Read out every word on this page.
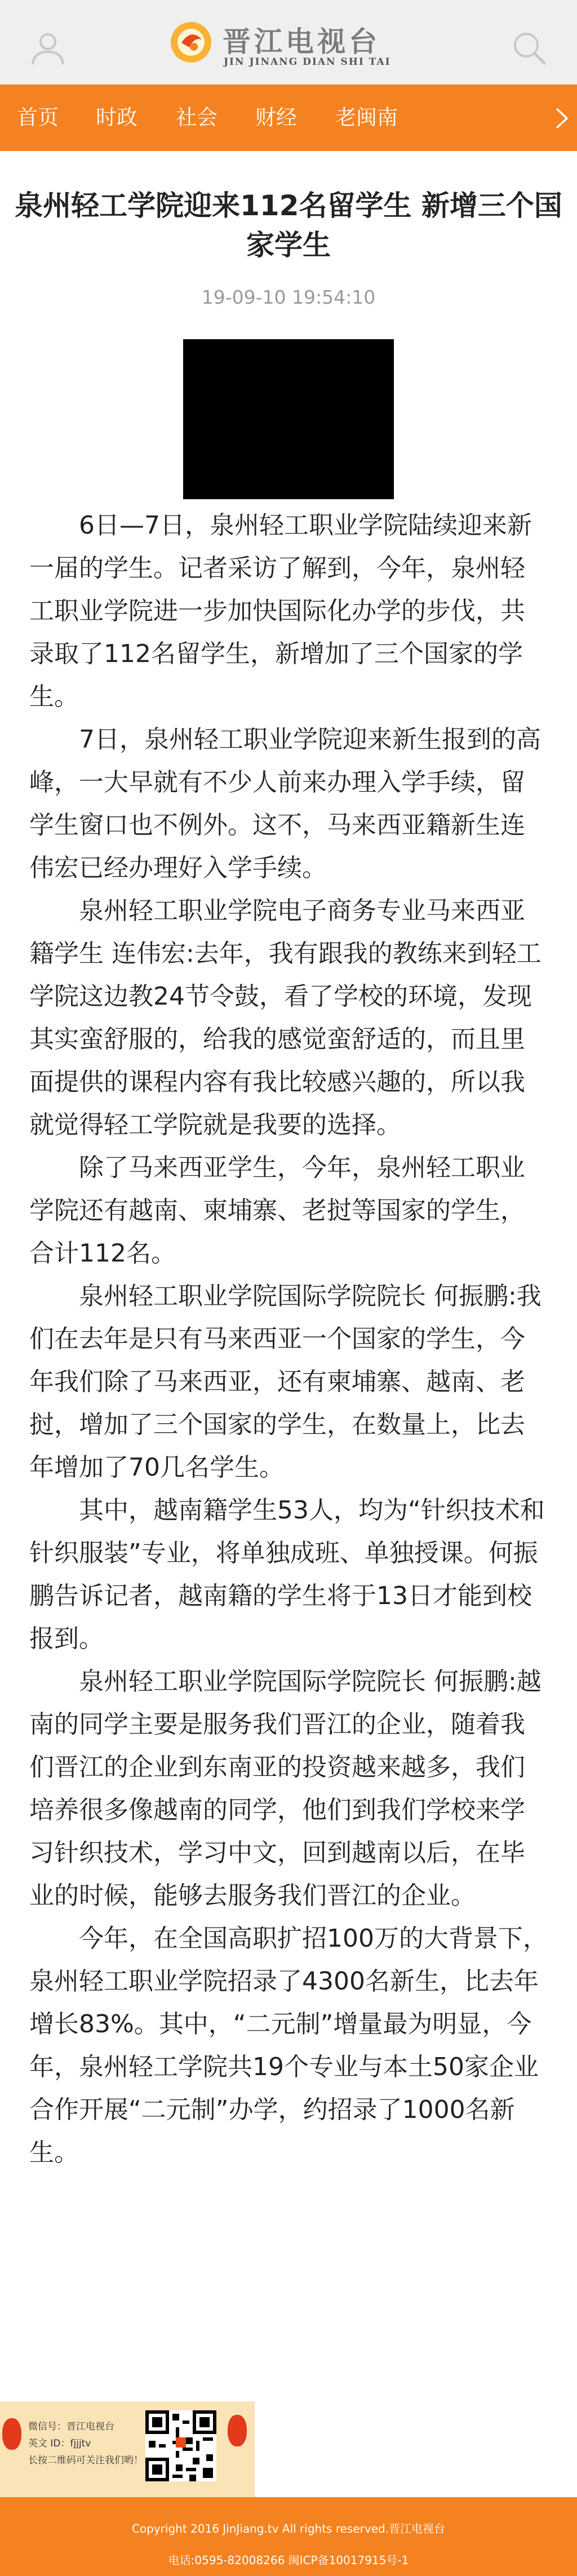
晋江电视台
JIN JINANG DIAN SHI TAI
首页 时政 社会 财经 老闽南
泉州轻工学院迎来112名留学生 新增三个国家学生
19-09-10 19:54:10

6日—7日，泉州轻工职业学院陆续迎来新一届的学生。记者采访了解到，今年，泉州轻工职业学院进一步加快国际化办学的步伐，共录取了112名留学生，新增加了三个国家的学生。

7日，泉州轻工职业学院迎来新生报到的高峰，一大早就有不少人前来办理入学手续，留学生窗口也不例外。这不，马来西亚籍新生连伟宏已经办理好入学手续。

泉州轻工职业学院电子商务专业马来西亚籍学生 连伟宏:去年，我有跟我的教练来到轻工学院这边教24节令鼓，看了学校的环境，发现其实蛮舒服的，给我的感觉蛮舒适的，而且里面提供的课程内容有我比较感兴趣的，所以我就觉得轻工学院就是我要的选择。

除了马来西亚学生，今年，泉州轻工职业学院还有越南、柬埔寨、老挝等国家的学生，合计112名。

泉州轻工职业学院国际学院院长 何振鹏:我们在去年是只有马来西亚一个国家的学生，今年我们除了马来西亚，还有柬埔寨、越南、老挝，增加了三个国家的学生，在数量上，比去年增加了70几名学生。

其中，越南籍学生53人，均为“针织技术和针织服装”专业，将单独成班、单独授课。何振鹏告诉记者，越南籍的学生将于13日才能到校报到。

泉州轻工职业学院国际学院院长 何振鹏:越南的同学主要是服务我们晋江的企业，随着我们晋江的企业到东南亚的投资越来越多，我们培养很多像越南的同学，他们到我们学校来学习针织技术，学习中文，回到越南以后，在毕业的时候，能够去服务我们晋江的企业。

今年，在全国高职扩招100万的大背景下，泉州轻工职业学院招录了4300名新生，比去年增长83%。其中，“二元制”增量最为明显，今年，泉州轻工学院共19个专业与本土50家企业合作开展“二元制”办学，约招录了1000名新生。

微信号：晋江电视台
英文 ID：fjjjtv
长按二维码可关注我们哟！
Copyright 2016 JinJiang.tv All rights reserved.晋江电视台
电话:0595-82008266 闽ICP备10017915号-1
